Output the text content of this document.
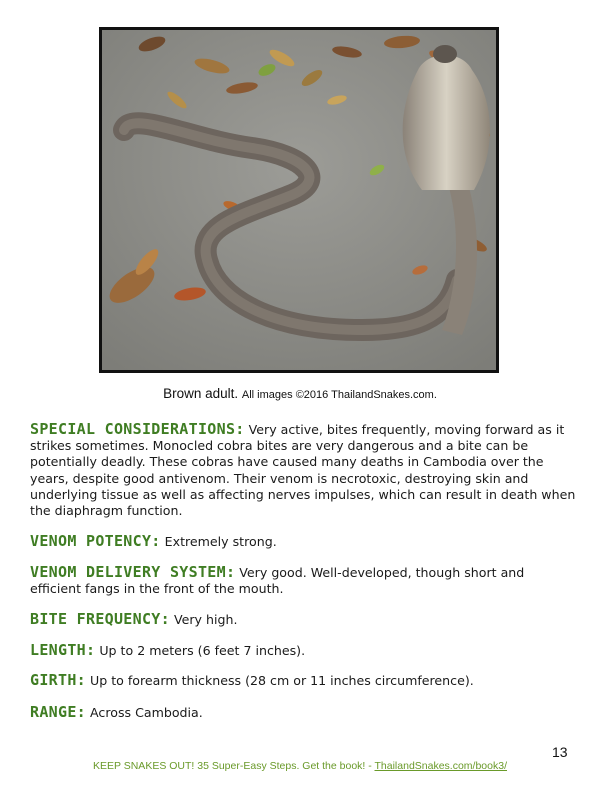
Brown adult. All images ©2016 ThailandSnakes.com.
SPECIAL CONSIDERATIONS: Very active, bites frequently, moving forward as it strikes sometimes. Monocled cobra bites are very dangerous and a bite can be potentially deadly. These cobras have caused many deaths in Cambodia over the years, despite good antivenom. Their venom is necrotoxic, destroying skin and underlying tissue as well as affecting nerves impulses, which can result in death when the diaphragm function.
VENOM POTENCY: Extremely strong.
VENOM DELIVERY SYSTEM: Very good. Well-developed, though short and efficient fangs in the front of the mouth.
BITE FREQUENCY: Very high.
LENGTH: Up to 2 meters (6 feet 7 inches).
GIRTH: Up to forearm thickness (28 cm or 11 inches circumference).
RANGE: Across Cambodia.
13
KEEP SNAKES OUT! 35 Super-Easy Steps. Get the book! - ThailandSnakes.com/book3/
